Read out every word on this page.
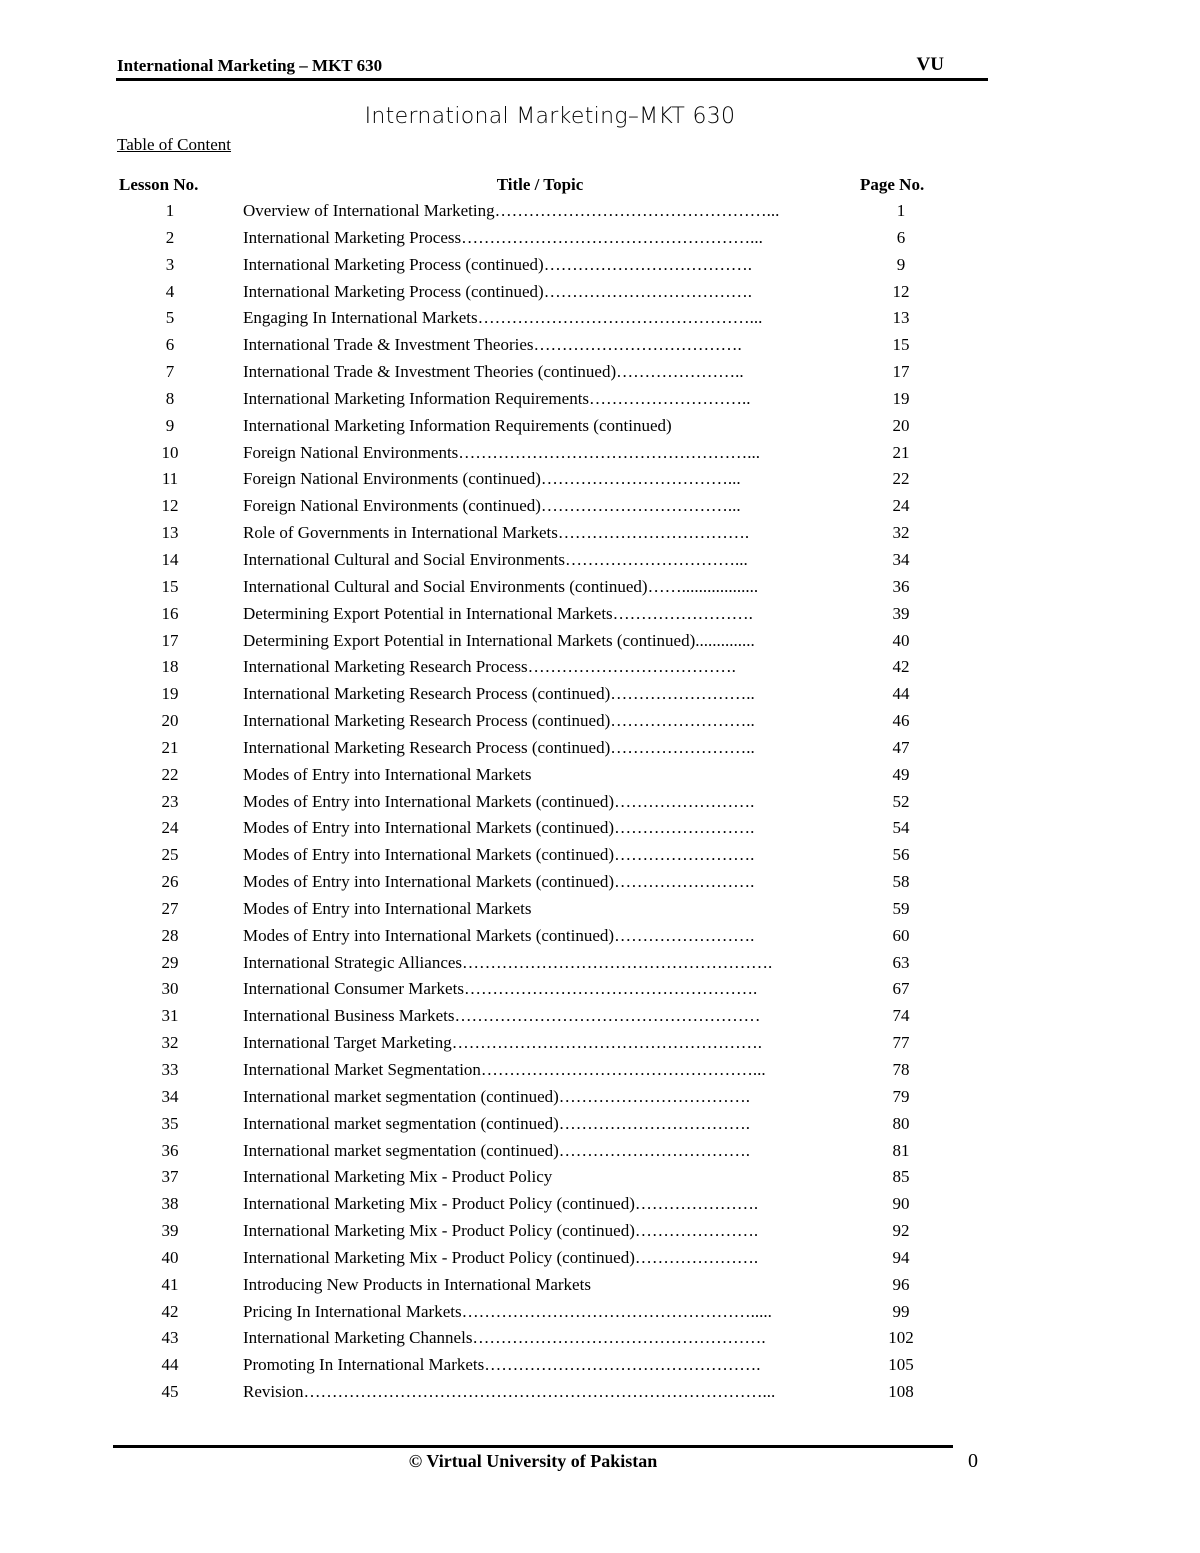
International Marketing – MKT 630	VU
International Marketing–MKT 630
Table of Content
Lesson No.	Title / Topic	Page No.
1	Overview of International Marketing…………………………………………...	1
2	International Marketing Process……………………………………………...	6
3	International Marketing Process (continued)……………………………….	9
4	International Marketing Process (continued)……………………………….	12
5	Engaging In International Markets…………………………………………...	13
6	International Trade & Investment Theories……………………………….	15
7	International Trade & Investment Theories (continued)…………………..	17
8	International Marketing Information Requirements………………………..	19
9	International Marketing Information Requirements (continued)	20
10	Foreign National Environments……………………………………………...	21
11	Foreign National Environments (continued)……………………………...	22
12	Foreign National Environments (continued)……………………………...	24
13	Role of Governments in International Markets…………………………….	32
14	International Cultural and Social Environments…………………………...	34
15	International Cultural and Social Environments (continued)……..................	36
16	Determining Export Potential in International Markets…………………….	39
17	Determining Export Potential in International Markets (continued)..............	40
18	International Marketing Research Process……………………………….	42
19	International Marketing Research Process (continued)……………………..	44
20	International Marketing Research Process (continued)……………………..	46
21	International Marketing Research Process (continued)……………………..	47
22	Modes of Entry into International Markets	49
23	Modes of Entry into International Markets (continued)…………………….	52
24	Modes of Entry into International Markets (continued)…………………….	54
25	Modes of Entry into International Markets (continued)…………………….	56
26	Modes of Entry into International Markets (continued)…………………….	58
27	Modes of Entry into International Markets	59
28	Modes of Entry into International Markets (continued)…………………….	60
29	International Strategic Alliances……………………………………………….	63
30	International Consumer Markets…………………………………………….	67
31	International Business Markets………………………………………………	74
32	International Target Marketing……………………………………………….	77
33	International Market Segmentation…………………………………………...	78
34	International market segmentation (continued)…………………………….	79
35	International market segmentation (continued)…………………………….	80
36	International market segmentation (continued)…………………………….	81
37	International Marketing Mix - Product Policy	85
38	International Marketing Mix - Product Policy (continued)………………….	90
39	International Marketing Mix - Product Policy (continued)………………….	92
40	International Marketing Mix - Product Policy (continued)………………….	94
41	Introducing New Products in International Markets	96
42	Pricing In International Markets…………………………………………….....	99
43	International Marketing Channels…………………………………………….	102
44	Promoting In International Markets………………………………………….	105
45	Revision………………………………………………………………………...	108
© Virtual University of Pakistan	0
